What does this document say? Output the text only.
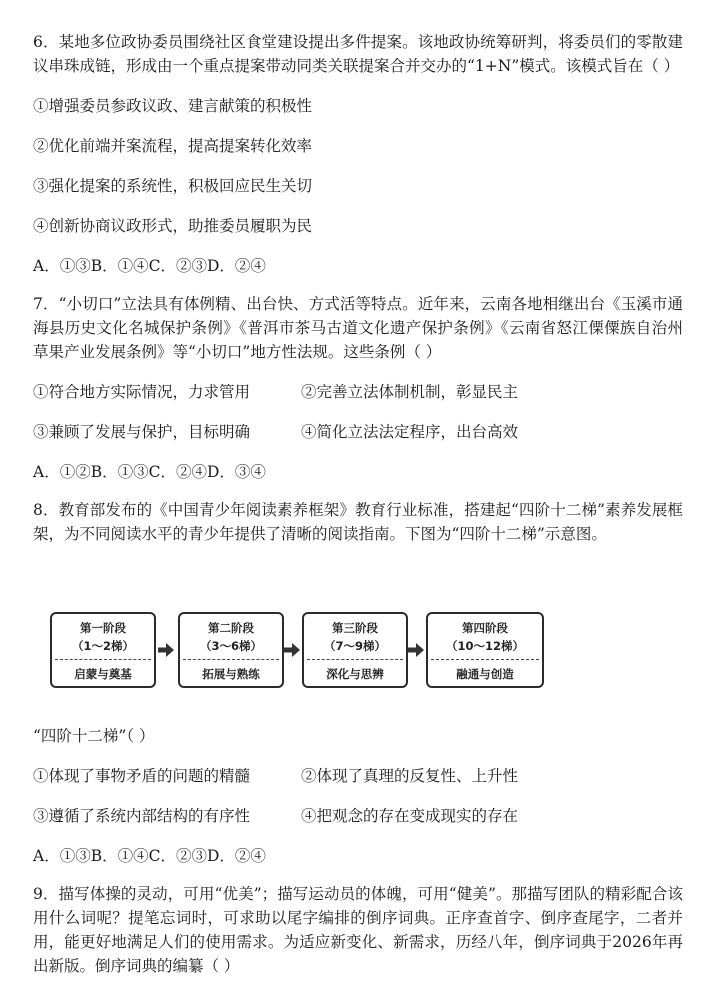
6．某地多位政协委员围绕社区食堂建设提出多件提案。该地政协统筹研判，将委员们的零散建议串珠成链，形成由一个重点提案带动同类关联提案合并交办的“1+N”模式。该模式旨在（ ）

①增强委员参政议政、建言献策的积极性

②优化前端并案流程，提高提案转化效率

③强化提案的系统性，积极回应民生关切

④创新协商议政形式，助推委员履职为民

A．①③B．①④C．②③D．②④

7．“小切口”立法具有体例精、出台快、方式活等特点。近年来，云南各地相继出台《玉溪市通海县历史文化名城保护条例》《普洱市茶马古道文化遗产保护条例》《云南省怒江傈僳族自治州草果产业发展条例》等“小切口”地方性法规。这些条例（ ）

①符合地方实际情况，力求管用	②完善立法体制机制，彰显民主
③兼顾了发展与保护，目标明确	④简化立法法定程序，出台高效

A．①②B．①③C．②④D．③④

8．教育部发布的《中国青少年阅读素养框架》教育行业标准，搭建起“四阶十二梯”素养发展框架，为不同阅读水平的青少年提供了清晰的阅读指南。下图为“四阶十二梯”示意图。

第一阶段
（1～2梯）
启蒙与奠基
第二阶段
（3～6梯）
拓展与熟练
第三阶段
（7～9梯）
深化与思辨
第四阶段
（10～12梯）
融通与创造

“四阶十二梯”（ ）

①体现了事物矛盾的问题的精髓	②体现了真理的反复性、上升性
③遵循了系统内部结构的有序性	④把观念的存在变成现实的存在

A．①③B．①④C．②③D．②④

9．描写体操的灵动，可用“优美”；描写运动员的体魄，可用“健美”。那描写团队的精彩配合该用什么词呢？提笔忘词时，可求助以尾字编排的倒序词典。正序查首字、倒序查尾字，二者并用，能更好地满足人们的使用需求。为适应新变化、新需求，历经八年，倒序词典于2026年再出新版。倒序词典的编纂（ ）
